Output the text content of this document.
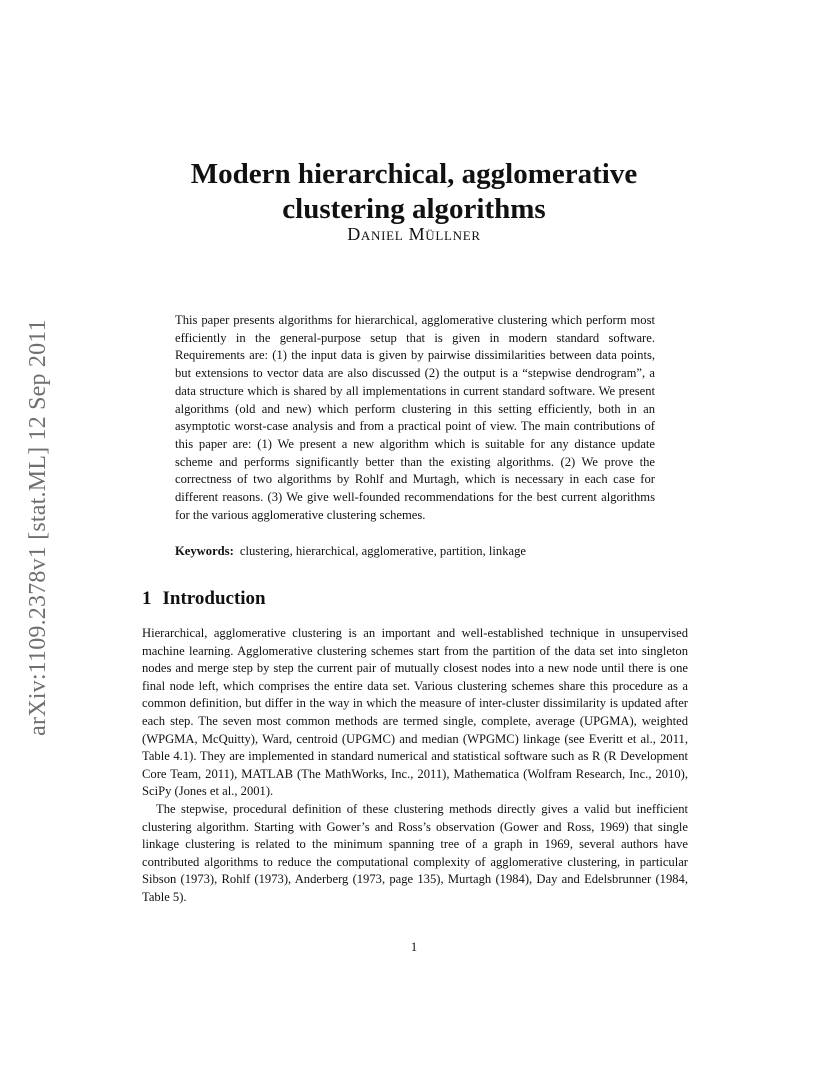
arXiv:1109.2378v1 [stat.ML] 12 Sep 2011
Modern hierarchical, agglomerative
clustering algorithms
Daniel Müllner

This paper presents algorithms for hierarchical, agglomerative clustering which perform most efficiently in the general-purpose setup that is given in modern standard software. Requirements are: (1) the input data is given by pairwise dissimilarities between data points, but extensions to vector data are also discussed (2) the output is a “stepwise dendrogram”, a data structure which is shared by all implementations in current standard software. We present algorithms (old and new) which perform clustering in this setting efficiently, both in an asymptotic worst-case analysis and from a practical point of view. The main contributions of this paper are: (1) We present a new algorithm which is suitable for any distance update scheme and performs significantly better than the existing algorithms. (2) We prove the correctness of two algorithms by Rohlf and Murtagh, which is necessary in each case for different reasons. (3) We give well-founded recommendations for the best current algorithms for the various agglomerative clustering schemes.

Keywords: clustering, hierarchical, agglomerative, partition, linkage

1 Introduction

Hierarchical, agglomerative clustering is an important and well-established technique in unsupervised machine learning. Agglomerative clustering schemes start from the partition of the data set into singleton nodes and merge step by step the current pair of mutually closest nodes into a new node until there is one final node left, which comprises the entire data set. Various clustering schemes share this procedure as a common definition, but differ in the way in which the measure of inter-cluster dissimilarity is updated after each step. The seven most common methods are termed single, complete, average (UPGMA), weighted (WPGMA, McQuitty), Ward, centroid (UPGMC) and median (WPGMC) linkage (see Everitt et al., 2011, Table 4.1). They are implemented in standard numerical and statistical software such as R (R Development Core Team, 2011), MATLAB (The MathWorks, Inc., 2011), Mathematica (Wolfram Research, Inc., 2010), SciPy (Jones et al., 2001).

The stepwise, procedural definition of these clustering methods directly gives a valid but inefficient clustering algorithm. Starting with Gower’s and Ross’s observation (Gower and Ross, 1969) that single linkage clustering is related to the minimum spanning tree of a graph in 1969, several authors have contributed algorithms to reduce the computational complexity of agglomerative clustering, in particular Sibson (1973), Rohlf (1973), Anderberg (1973, page 135), Murtagh (1984), Day and Edelsbrunner (1984, Table 5).

1
